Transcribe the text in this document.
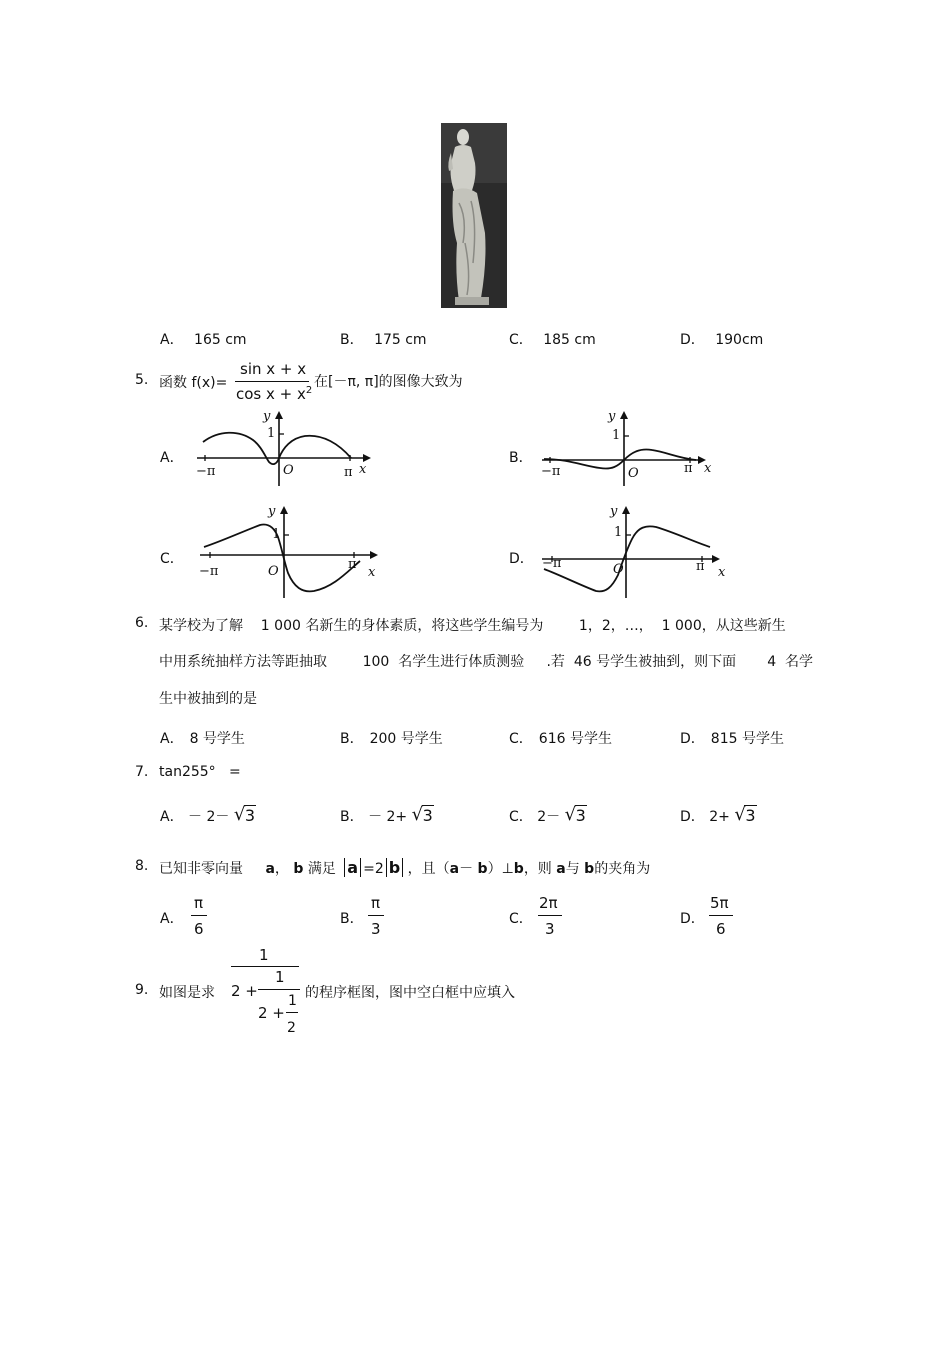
A． 165 cm	B． 175 cm	C． 185 cm	D． 190cm
5. 函数 f(x)=
sin x + x
$\cos x + x^2$
在[－π, π]的图像大致为
A．	B．
C．	D．
y
1
x
O
−π	π
y
1
x
O
−π	π
y
1
x
O
−π	π
y
1
x
O
−π	π
6. 某学校为了解    1 000 名新生的身体素质，将这些学生编号为        1，2，…，  1 000，从这些新生
中用系统抽样方法等距抽取        100  名学生进行体质测验     .若  46 号学生被抽到，则下面       4  名学
生中被抽到的是
A． 8 号学生	B． 200 号学生	C． 616 号学生	D． 815 号学生
7. tan255°   =
A． － 2－ √ 3	B． － 2+ √ 3	C． 2－ √ 3	D． 2+ √ 3
8. 已知非零向量 a， b 满足 a =2 b ，且（a－ b）⊥b，则 a与 b的夹角为
A．
π
6
B．
π
3
C．
2π
3
D．
5π
6
9. 如图是求
1
2 +
1
2 +
1
2
的程序框图，图中空白框中应填入
